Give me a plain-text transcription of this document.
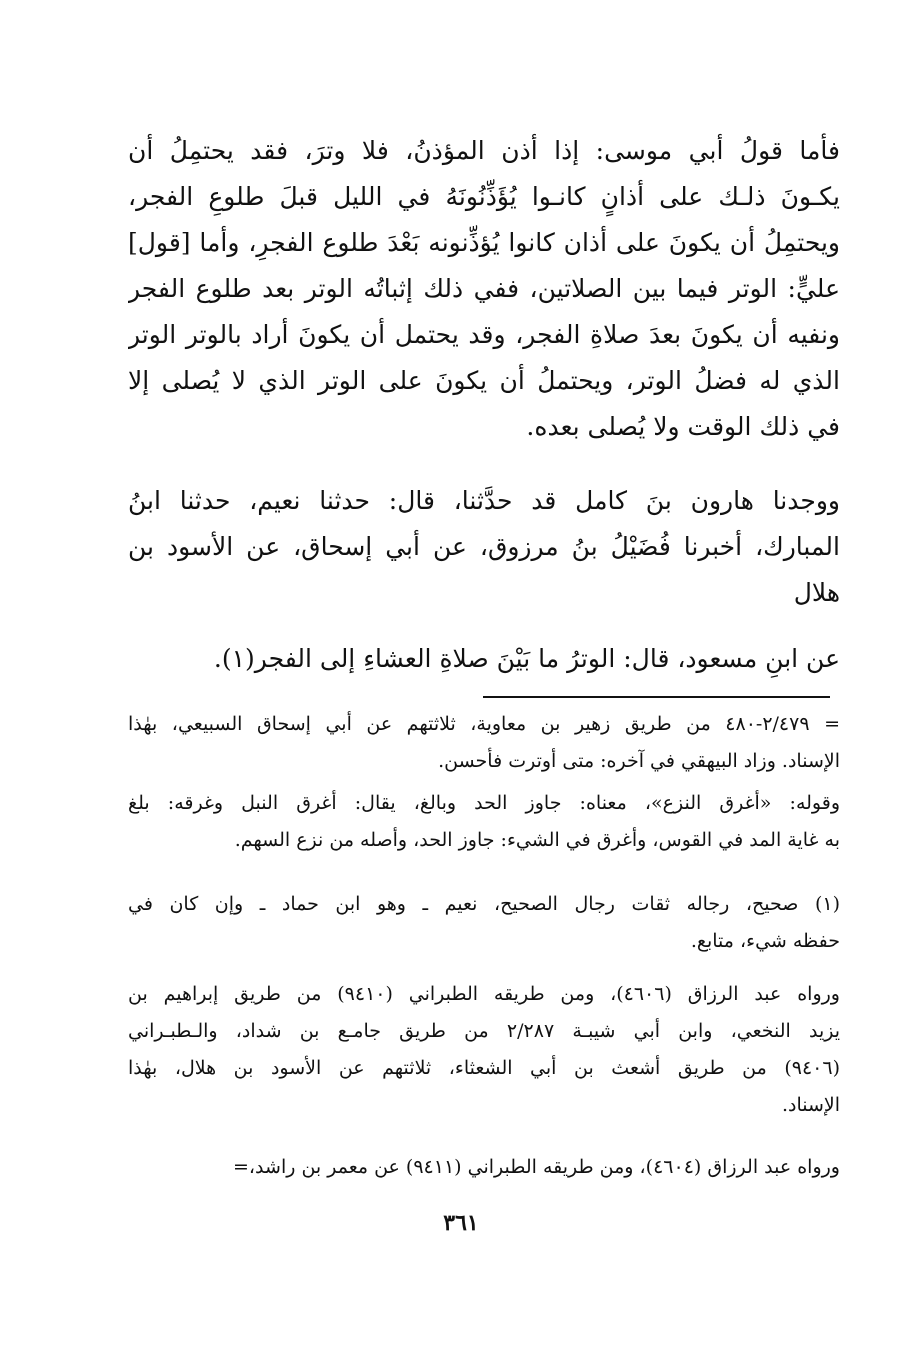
فأما قولُ أبي موسى: إذا أذن المؤذنُ، فلا وترَ، فقد يحتمِلُ أن
يكـونَ ذلـك على أذانٍ كانـوا يُؤَذِّنُونَهُ في الليل قبلَ طلوعِ الفجر،
ويحتمِلُ أن يكونَ على أذان كانوا يُؤذِّنونه بَعْدَ طلوع الفجرِ، وأما [قول]
عليٍّ: الوتر فيما بين الصلاتين، ففي ذلك إثباتُه الوتر بعد طلوع الفجر
ونفيه أن يكونَ بعدَ صلاةِ الفجر، وقد يحتمل أن يكونَ أراد بالوتر الوتر
الذي له فضلُ الوتر، ويحتملُ أن يكونَ على الوتر الذي لا يُصلى إلا
في ذلك الوقت ولا يُصلى بعده.
ووجدنا هارون بنَ كامل قد حدَّثنا، قال: حدثنا نعيم، حدثنا ابنُ
المبارك، أخبرنا فُضَيْلُ بنُ مرزوق، عن أبي إسحاق، عن الأسود بن
هلال
عن ابنِ مسعود، قال: الوترُ ما بَيْنَ صلاةِ العشاءِ إلى الفجر(١).
= ٢/٤٧٩-٤٨٠ من طريق زهير بن معاوية، ثلاثتهم عن أبي إسحاق السبيعي، بهٰذا
الإسناد. وزاد البيهقي في آخره: متى أوترت فأحسن.
وقوله: «أغرق النزع»، معناه: جاوز الحد وبالغ، يقال: أغرق النبل وغرقه: بلغ
به غاية المد في القوس، وأغرق في الشيء: جاوز الحد، وأصله من نزع السهم.
(١) صحيح، رجاله ثقات رجال الصحيح، نعيم ـ وهو ابن حماد ـ وإن كان في
حفظه شيء، متابع.
ورواه عبد الرزاق (٤٦٠٦)، ومن طريقه الطبراني (٩٤١٠) من طريق إبراهيم بن
يزيد النخعي، وابن أبي شيبـة ٢/٢٨٧ من طريق جامـع بن شداد، والـطبـراني
(٩٤٠٦) من طريق أشعث بن أبي الشعثاء، ثلاثتهم عن الأسود بن هلال، بهٰذا
الإسناد.
ورواه عبد الرزاق (٤٦٠٤)، ومن طريقه الطبراني (٩٤١١) عن معمر بن راشد،=
٣٦١
